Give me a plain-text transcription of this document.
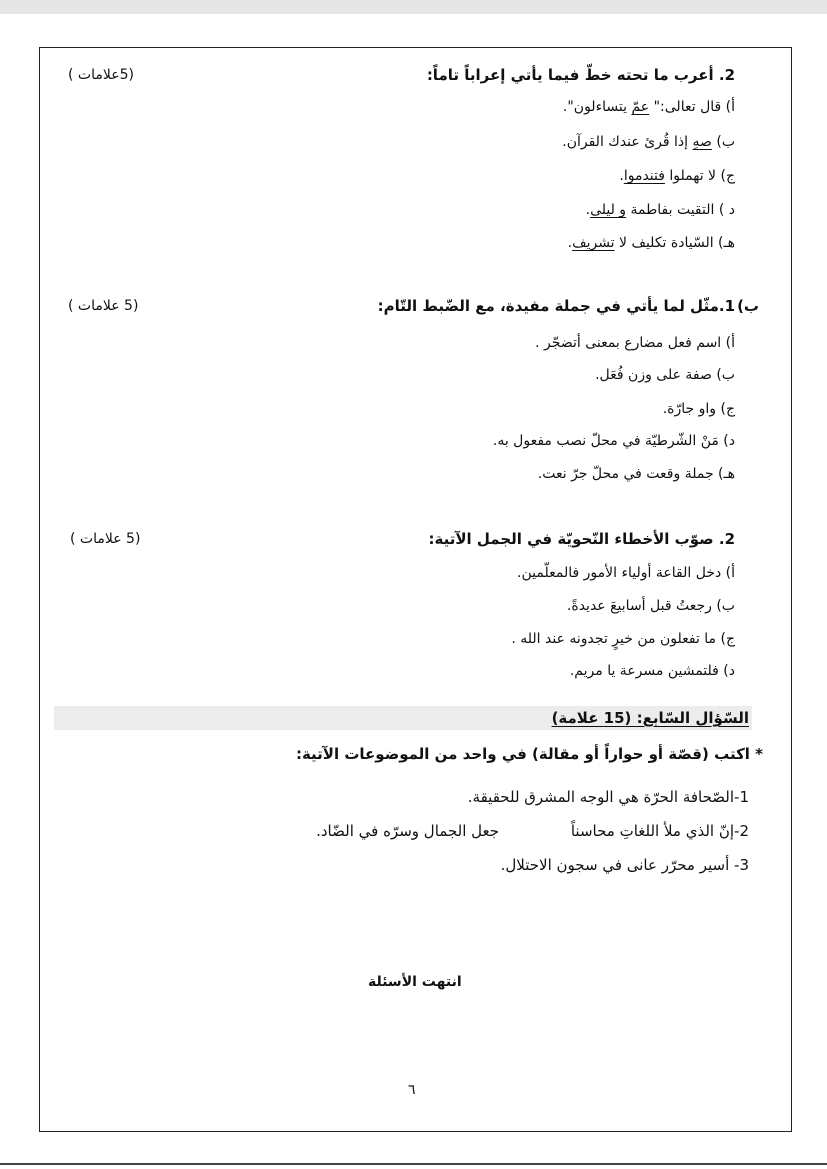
2. أعرب ما تحته خطّ فيما يأتي إعراباً تاماً:
(5علامات )
أ) قال تعالى:" عمّ يتساءلون".
ب) صهِ إذا قُرئ عندك القرآن.
ج) لا تهملوا فتندموا.
د ) التقيت بفاطمة و ليلى.
هـ) السّيادة تكليف لا تشريف.
ب)
1.مثّل لما يأتي في جملة مفيدة، مع الضّبط التّام:
(5 علامات )
أ) اسم فعل مضارع بمعنى أتضجّر .
ب) صفة على وزن فُعَل.
ج) واو جارّة.
د) مَنْ الشّرطيّة في محلّ نصب مفعول به.
هـ) جملة وقعت في محلّ جرّ نعت.
2. صوّب الأخطاء النّحويّة في الجمل الآتية:
(5 علامات )
أ) دخل القاعة أولياء الأمور فالمعلّمين.
ب) رجعتُ قبل أسابيعَ عديدةً.
ج) ما تفعلون من خيرٍ تجدونه عند الله .
د) فلتمشين مسرعة يا مريم.
السّؤال السّابع: (15 علامة)
* اكتب (قصّة أو حواراً أو مقالة) في واحد من الموضوعات الآتية:
1-الصّحافة الحرّة هي الوجه المشرق للحقيقة.
2-إنّ الذي ملأ اللغاتِ محاسناً
جعل الجمال وسرّه في الضّاد.
3- أسير محرّر عانى في سجون الاحتلال.
انتهت الأسئلة
٦
